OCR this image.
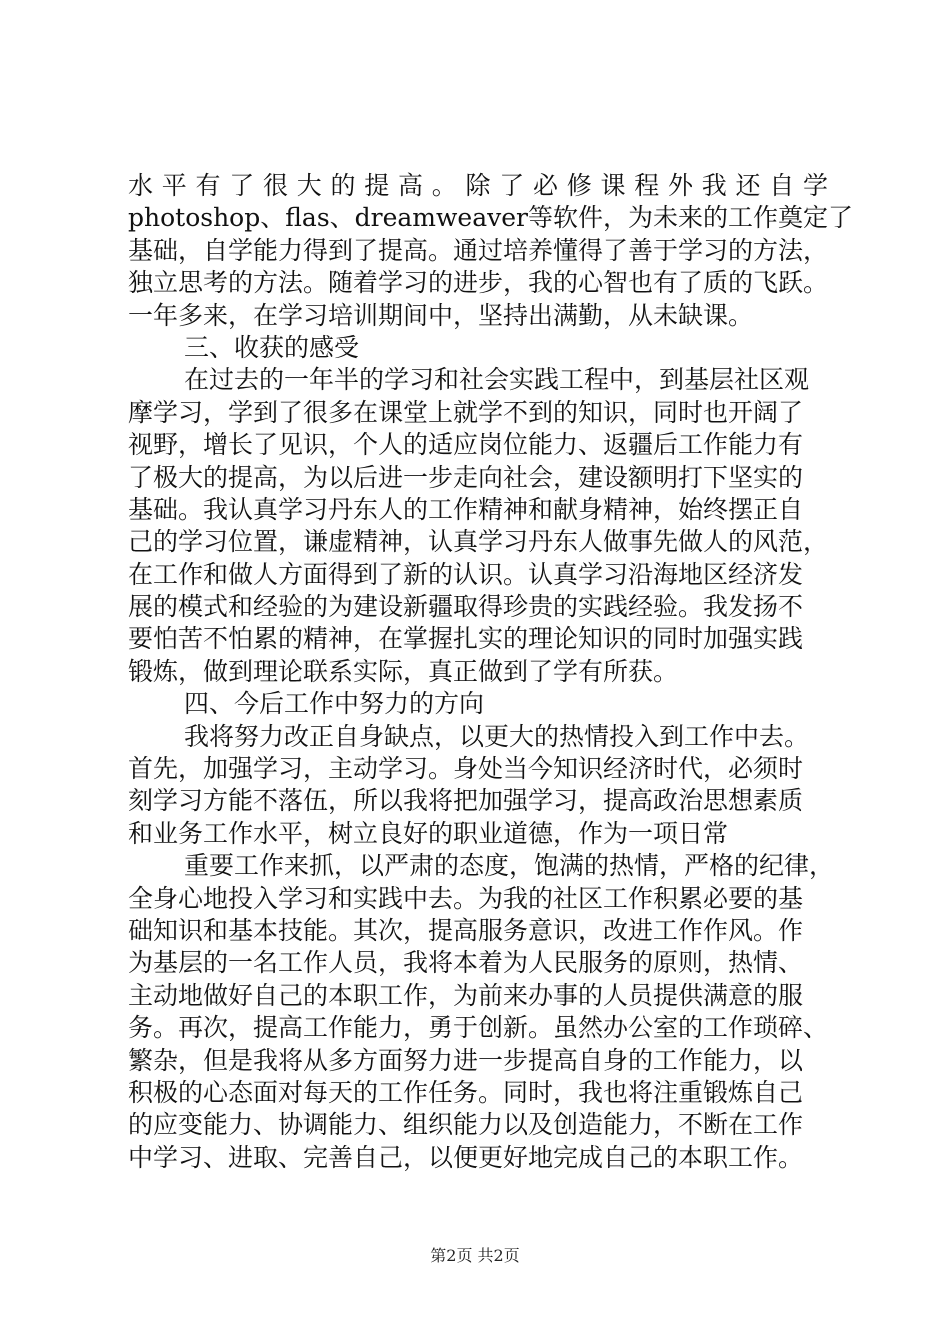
水平有了很大的提高。除了必修课程外我还自学
photoshop、flas、dreamweaver等软件，为未来的工作奠定了
基础，自学能力得到了提高。通过培养懂得了善于学习的方法，
独立思考的方法。随着学习的进步，我的心智也有了质的飞跃。
一年多来，在学习培训期间中，坚持出满勤，从未缺课。
三、收获的感受
在过去的一年半的学习和社会实践工程中，到基层社区观
摩学习，学到了很多在课堂上就学不到的知识，同时也开阔了
视野，增长了见识，个人的适应岗位能力、返疆后工作能力有
了极大的提高，为以后进一步走向社会，建设额明打下坚实的
基础。我认真学习丹东人的工作精神和献身精神，始终摆正自
己的学习位置，谦虚精神，认真学习丹东人做事先做人的风范，
在工作和做人方面得到了新的认识。认真学习沿海地区经济发
展的模式和经验的为建设新疆取得珍贵的实践经验。我发扬不
要怕苦不怕累的精神，在掌握扎实的理论知识的同时加强实践
锻炼，做到理论联系实际，真正做到了学有所获。
四、今后工作中努力的方向
我将努力改正自身缺点，以更大的热情投入到工作中去。
首先，加强学习，主动学习。身处当今知识经济时代，必须时
刻学习方能不落伍，所以我将把加强学习，提高政治思想素质
和业务工作水平，树立良好的职业道德，作为一项日常
重要工作来抓，以严肃的态度，饱满的热情，严格的纪律，
全身心地投入学习和实践中去。为我的社区工作积累必要的基
础知识和基本技能。其次，提高服务意识，改进工作作风。作
为基层的一名工作人员，我将本着为人民服务的原则，热情、
主动地做好自己的本职工作，为前来办事的人员提供满意的服
务。再次，提高工作能力，勇于创新。虽然办公室的工作琐碎、
繁杂，但是我将从多方面努力进一步提高自身的工作能力，以
积极的心态面对每天的工作任务。同时，我也将注重锻炼自己
的应变能力、协调能力、组织能力以及创造能力，不断在工作
中学习、进取、完善自己，以便更好地完成自己的本职工作。
第2页 共2页
